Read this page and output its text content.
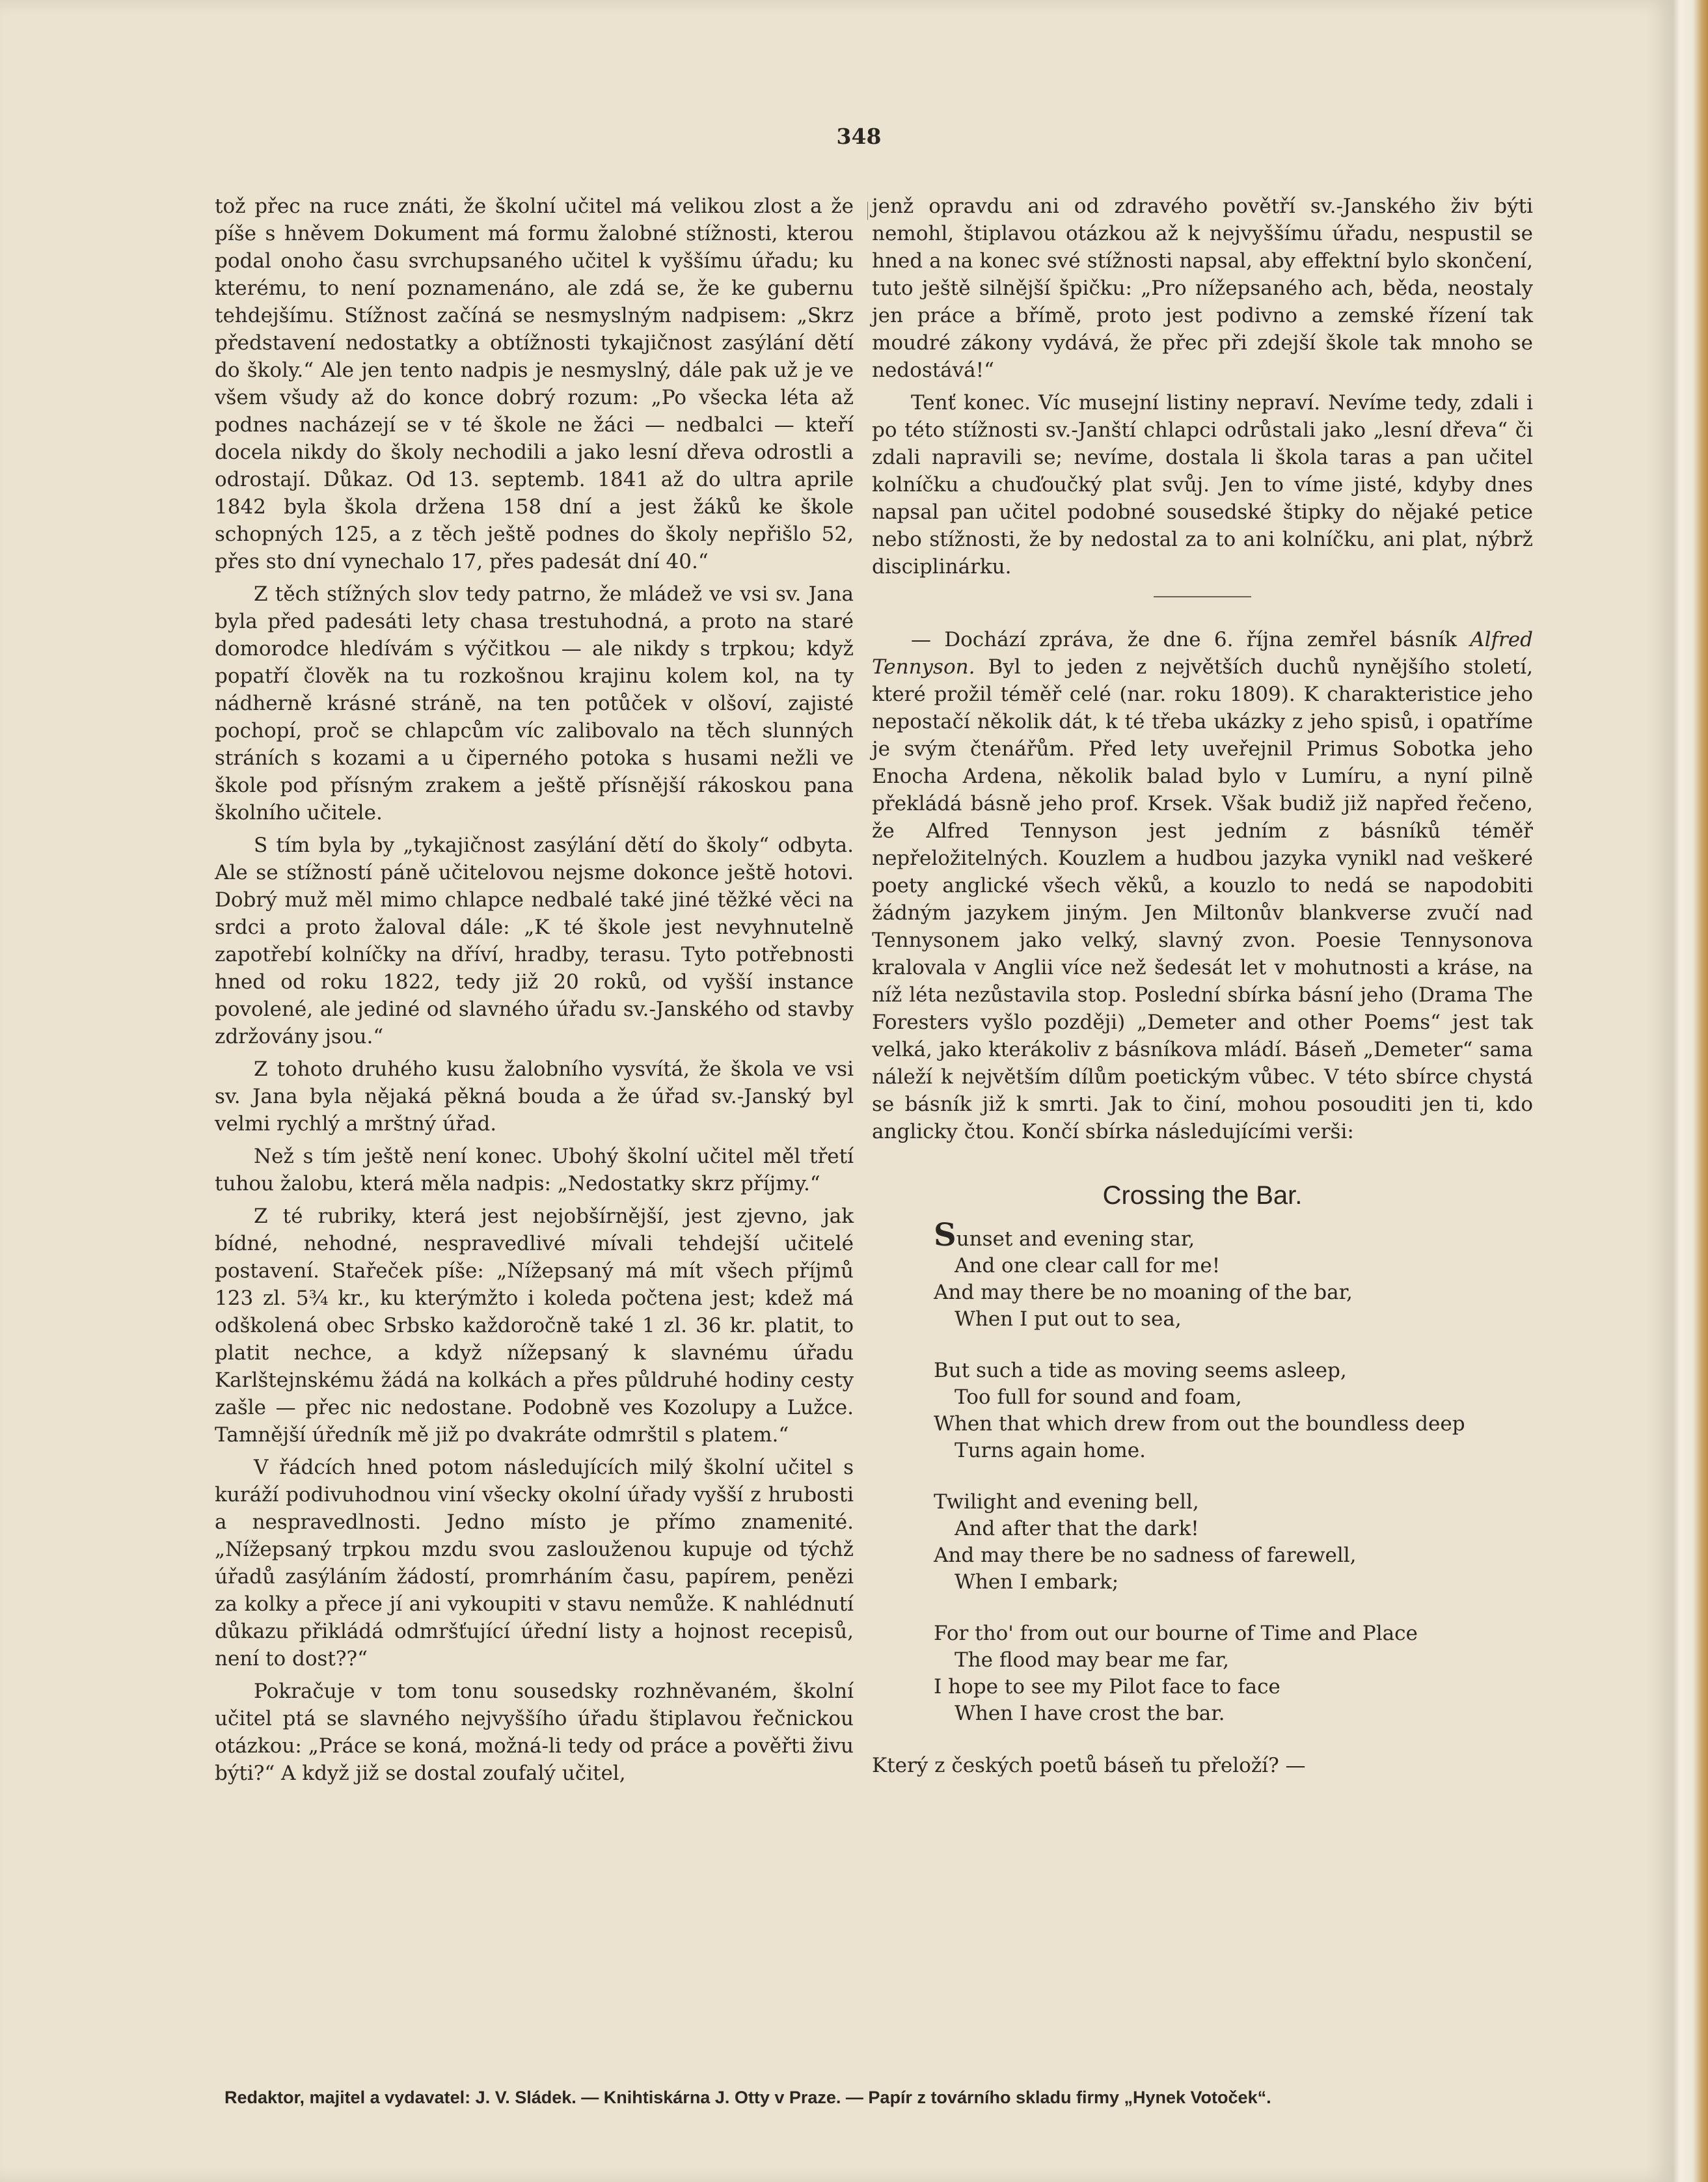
348

tož přec na ruce znáti, že školní učitel má velikou zlost a že píše s hněvem Dokument má formu žalobné stížnosti, kterou podal onoho času svrchupsaného učitel k vyššímu úřadu; ku kterému, to není poznamenáno, ale zdá se, že ke gubernu tehdejšímu. Stížnost začíná se nesmyslným nadpisem: „Skrz představení nedostatky a obtížnosti tykajičnost zasýlání dětí do školy.“ Ale jen tento nadpis je nesmyslný, dále pak už je ve všem všudy až do konce dobrý rozum: „Po všecka léta až podnes nacházejí se v té škole ne žáci — nedbalci — kteří docela nikdy do školy nechodili a jako lesní dřeva odrostli a odrostají. Důkaz. Od 13. septemb. 1841 až do ultra aprile 1842 byla škola držena 158 dní a jest žáků ke škole schopných 125, a z těch ještě podnes do školy nepřišlo 52, přes sto dní vynechalo 17, přes padesát dní 40.“

Z těch stížných slov tedy patrno, že mládež ve vsi sv. Jana byla před padesáti lety chasa trestuhodná, a proto na staré domorodce hledívám s výčitkou — ale nikdy s trpkou; když popatří člověk na tu rozkošnou krajinu kolem kol, na ty nádherně krásné stráně, na ten potůček v olšoví, zajisté pochopí, proč se chlapcům víc zalibovalo na těch slunných stráních s kozami a u čiperného potoka s husami nežli ve škole pod přísným zrakem a ještě přísnější rákoskou pana školního učitele.

S tím byla by „tykajičnost zasýlání dětí do školy“ odbyta. Ale se stížností páně učitelovou nejsme dokonce ještě hotovi. Dobrý muž měl mimo chlapce nedbalé také jiné těžké věci na srdci a proto žaloval dále: „K té škole jest nevyhnutelně zapotřebí kolníčky na dříví, hradby, terasu. Tyto potřebnosti hned od roku 1822, tedy již 20 roků, od vyšší instance povolené, ale jediné od slavného úřadu sv.-Janského od stavby zdržovány jsou.“

Z tohoto druhého kusu žalobního vysvítá, že škola ve vsi sv. Jana byla nějaká pěkná bouda a že úřad sv.-Janský byl velmi rychlý a mrštný úřad.

Než s tím ještě není konec. Ubohý školní učitel měl třetí tuhou žalobu, která měla nadpis: „Nedostatky skrz příjmy.“

Z té rubriky, která jest nejobšírnější, jest zjevno, jak bídné, nehodné, nespravedlivé mívali tehdejší učitelé postavení. Stařeček píše: „Nížepsaný má mít všech příjmů 123 zl. 5¾ kr., ku kterýmžto i koleda počtena jest; kdež má odškolená obec Srbsko každoročně také 1 zl. 36 kr. platit, to platit nechce, a když nížepsaný k slavnému úřadu Karlštejnskému žádá na kolkách a přes půldruhé hodiny cesty zašle — přec nic nedostane. Podobně ves Kozolupy a Lužce. Tamnější úředník mě již po dvakráte odmrštil s platem.“

V řádcích hned potom následujících milý školní učitel s kuráží podivuhodnou viní všecky okolní úřady vyšší z hrubosti a nespravedlnosti. Jedno místo je přímo znamenité. „Nížepsaný trpkou mzdu svou zaslouženou kupuje od týchž úřadů zasýláním žádostí, promrháním času, papírem, penězi za kolky a přece jí ani vykoupiti v stavu nemůže. K nahlédnutí důkazu přikládá odmršťující úřední listy a hojnost recepisů, není to dost??“

Pokračuje v tom tonu sousedsky rozhněvaném, školní učitel ptá se slavného nejvyššího úřadu štiplavou řečnickou otázkou: „Práce se koná, možná-li tedy od práce a pověřti živu býti?“ A když již se dostal zoufalý učitel,

jenž opravdu ani od zdravého povětří sv.-Janského živ býti nemohl, štiplavou otázkou až k nejvyššímu úřadu, nespustil se hned a na konec své stížnosti napsal, aby effektní bylo skončení, tuto ještě silnější špičku: „Pro nížepsaného ach, běda, neostaly jen práce a břímě, proto jest podivno a zemské řízení tak moudré zákony vydává, že přec při zdejší škole tak mnoho se nedostává!“

Tenť konec. Víc musejní listiny nepraví. Nevíme tedy, zdali i po této stížnosti sv.-Janští chlapci odrůstali jako „lesní dřeva“ či zdali napravili se; nevíme, dostala li škola taras a pan učitel kolníčku a chuďoučký plat svůj. Jen to víme jisté, kdyby dnes napsal pan učitel podobné sousedské štipky do nějaké petice nebo stížnosti, že by nedostal za to ani kolníčku, ani plat, nýbrž disciplinárku.

— Dochází zpráva, že dne 6. října zemřel básník Alfred Tennyson. Byl to jeden z největších duchů nynějšího století, které prožil téměř celé (nar. roku 1809). K charakteristice jeho nepostačí několik dát, k té třeba ukázky z jeho spisů, i opatříme je svým čtenářům. Před lety uveřejnil Primus Sobotka jeho Enocha Ardena, několik balad bylo v Lumíru, a nyní pilně překládá básně jeho prof. Krsek. Však budiž již napřed řečeno, že Alfred Tennyson jest jedním z básníků téměř nepřeložitelných. Kouzlem a hudbou jazyka vynikl nad veškeré poety anglické všech věků, a kouzlo to nedá se napodobiti žádným jazykem jiným. Jen Miltonův blankverse zvučí nad Tennysonem jako velký, slavný zvon. Poesie Tennysonova kralovala v Anglii více než šedesát let v mohutnosti a kráse, na níž léta nezůstavila stop. Poslední sbírka básní jeho (Drama The Foresters vyšlo později) „Demeter and other Poems“ jest tak velká, jako kterákoliv z básníkova mládí. Báseň „Demeter“ sama náleží k největším dílům poetickým vůbec. V této sbírce chystá se básník již k smrti. Jak to činí, mohou posouditi jen ti, kdo anglicky čtou. Končí sbírka následujícími verši:

Crossing the Bar.
Sunset and evening star,
And one clear call for me!
And may there be no moaning of the bar,
When I put out to sea,
But such a tide as moving seems asleep,
Too full for sound and foam,
When that which drew from out the boundless deep
Turns again home.
Twilight and evening bell,
And after that the dark!
And may there be no sadness of farewell,
When I embark;
For tho' from out our bourne of Time and Place
The flood may bear me far,
I hope to see my Pilot face to face
When I have crost the bar.

Který z českých poetů báseň tu přeloží? —

Redaktor, majitel a vydavatel: J. V. Sládek. — Knihtiskárna J. Otty v Praze. — Papír z továrního skladu firmy „Hynek Votoček“.
